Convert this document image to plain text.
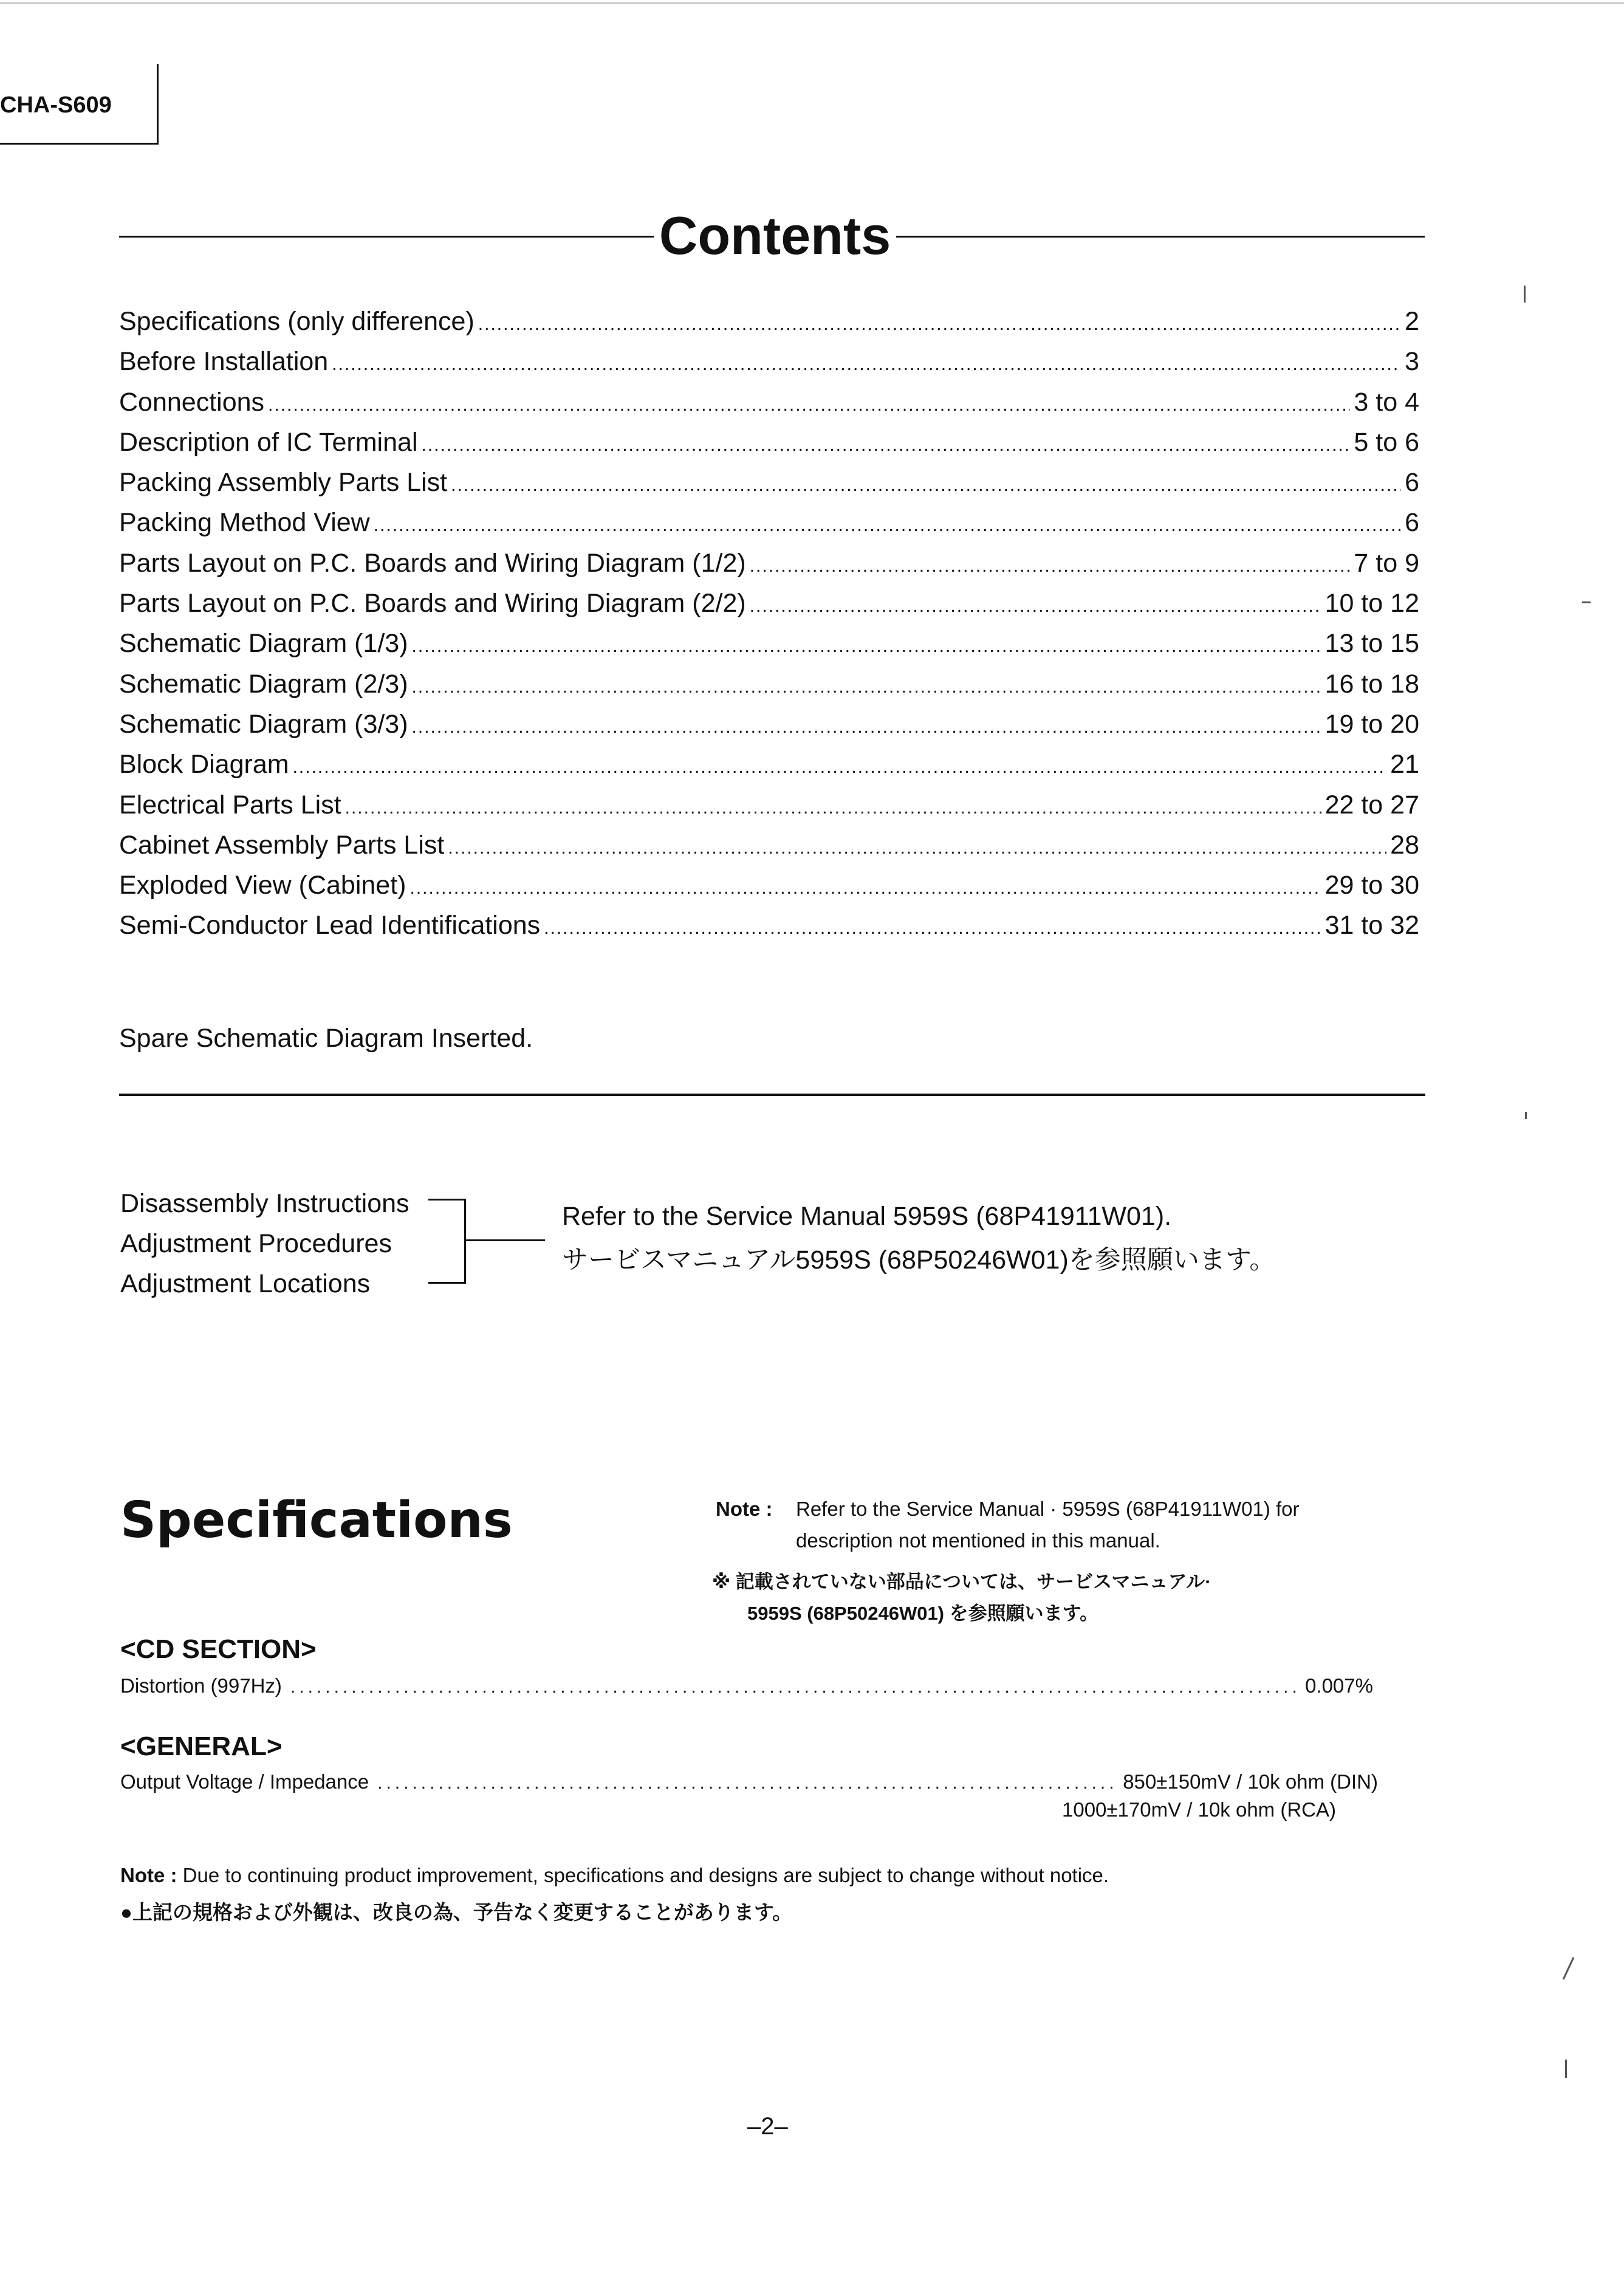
CHA-S609
Contents
Specifications (only difference) .....	2
Before Installation .....	3
Connections .....	3 to 4
Description of IC Terminal .....	5 to 6
Packing Assembly Parts List .....	6
Packing Method View .....	6
Parts Layout on P.C. Boards and Wiring Diagram (1/2) .....	7 to 9
Parts Layout on P.C. Boards and Wiring Diagram (2/2) .....	10 to 12
Schematic Diagram (1/3) .....	13 to 15
Schematic Diagram (2/3) .....	16 to 18
Schematic Diagram (3/3) .....	19 to 20
Block Diagram .....	21
Electrical Parts List .....	22 to 27
Cabinet Assembly Parts List .....	28
Exploded View (Cabinet) .....	29 to 30
Semi-Conductor Lead Identifications .....	31 to 32
Spare Schematic Diagram Inserted.
Disassembly Instructions
Adjustment Procedures
Adjustment Locations
Refer to the Service Manual 5959S (68P41911W01).
サービスマニュアル5959S (68P50246W01)を参照願います。
Specifications	Note : Refer to the Service Manual · 5959S (68P41911W01) for
description not mentioned in this manual.
※ 記載されていない部品については、サービスマニュアル·
5959S (68P50246W01) を参照願います。
<CD SECTION>
Distortion (997Hz) .....	0.007%
<GENERAL>
Output Voltage / Impedance .....	850±150mV / 10k ohm (DIN)
1000±170mV / 10k ohm (RCA)
Note : Due to continuing product improvement, specifications and designs are subject to change without notice.
●上記の規格および外観は、改良の為、予告なく変更することがあります。
–2–
